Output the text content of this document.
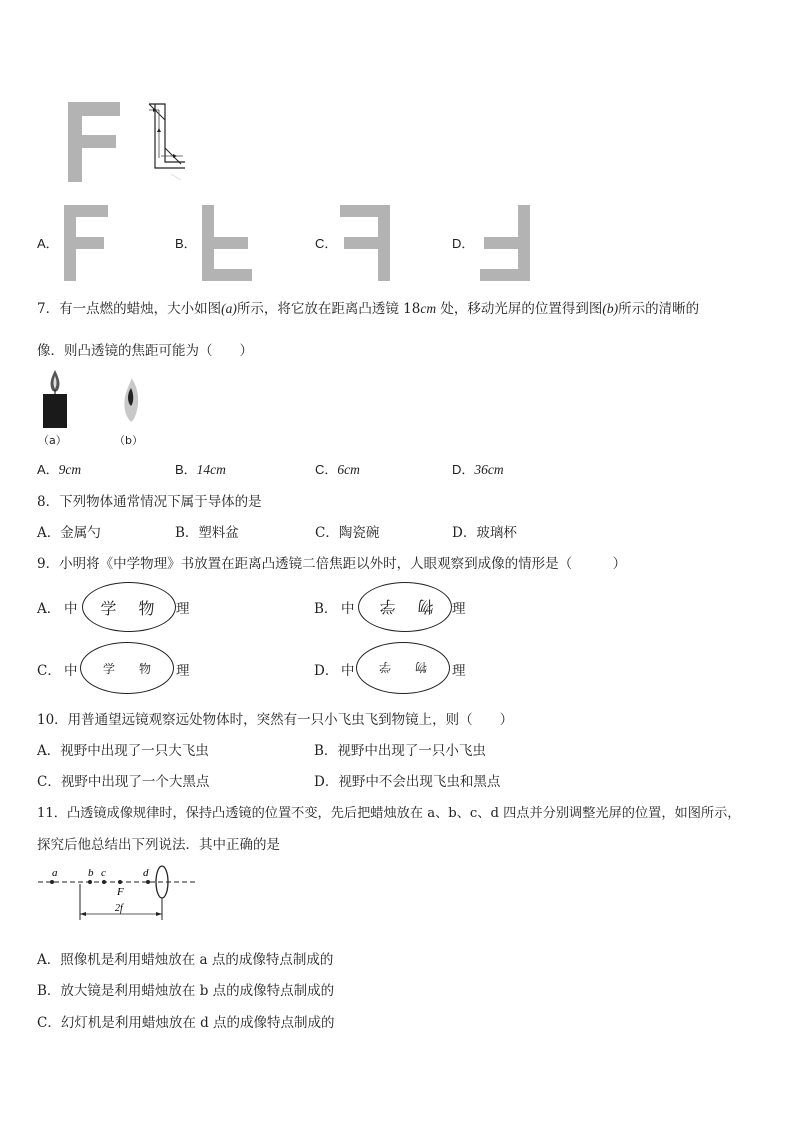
A．	B．	C．	D．
7．有一点燃的蜡烛，大小如图(a)所示，将它放在距离凸透镜 18cm 处，移动光屏的位置得到图(b)所示的清晰的
像．则凸透镜的焦距可能为（　　）
（a）	（b）
A．9cm	B．14cm	C．6cm	D．36cm
8．下列物体通常情况下属于导体的是
A．金属勺	B．塑料盆	C．陶瓷碗	D．玻璃杯
9．小明将《中学物理》书放置在距离凸透镜二倍焦距以外时，人眼观察到成像的情形是（　　　）
A． 中	学　物	理	B． 中	物　学	理
C． 中	学　　物	理	D． 中	物　　学	理
10．用普通望远镜观察远处物体时，突然有一只小飞虫飞到物镜上，则（　　）
A．视野中出现了一只大飞虫	B．视野中出现了一只小飞虫
C．视野中出现了一个大黑点	D．视野中不会出现飞虫和黑点
11．凸透镜成像规律时，保持凸透镜的位置不变，先后把蜡烛放在 a、b、c、d 四点并分别调整光屏的位置，如图所示，
探究后他总结出下列说法．其中正确的是
a	b c	d
F
2f
A．照像机是利用蜡烛放在 a 点的成像特点制成的
B．放大镜是利用蜡烛放在 b 点的成像特点制成的
C．幻灯机是利用蜡烛放在 d 点的成像特点制成的
